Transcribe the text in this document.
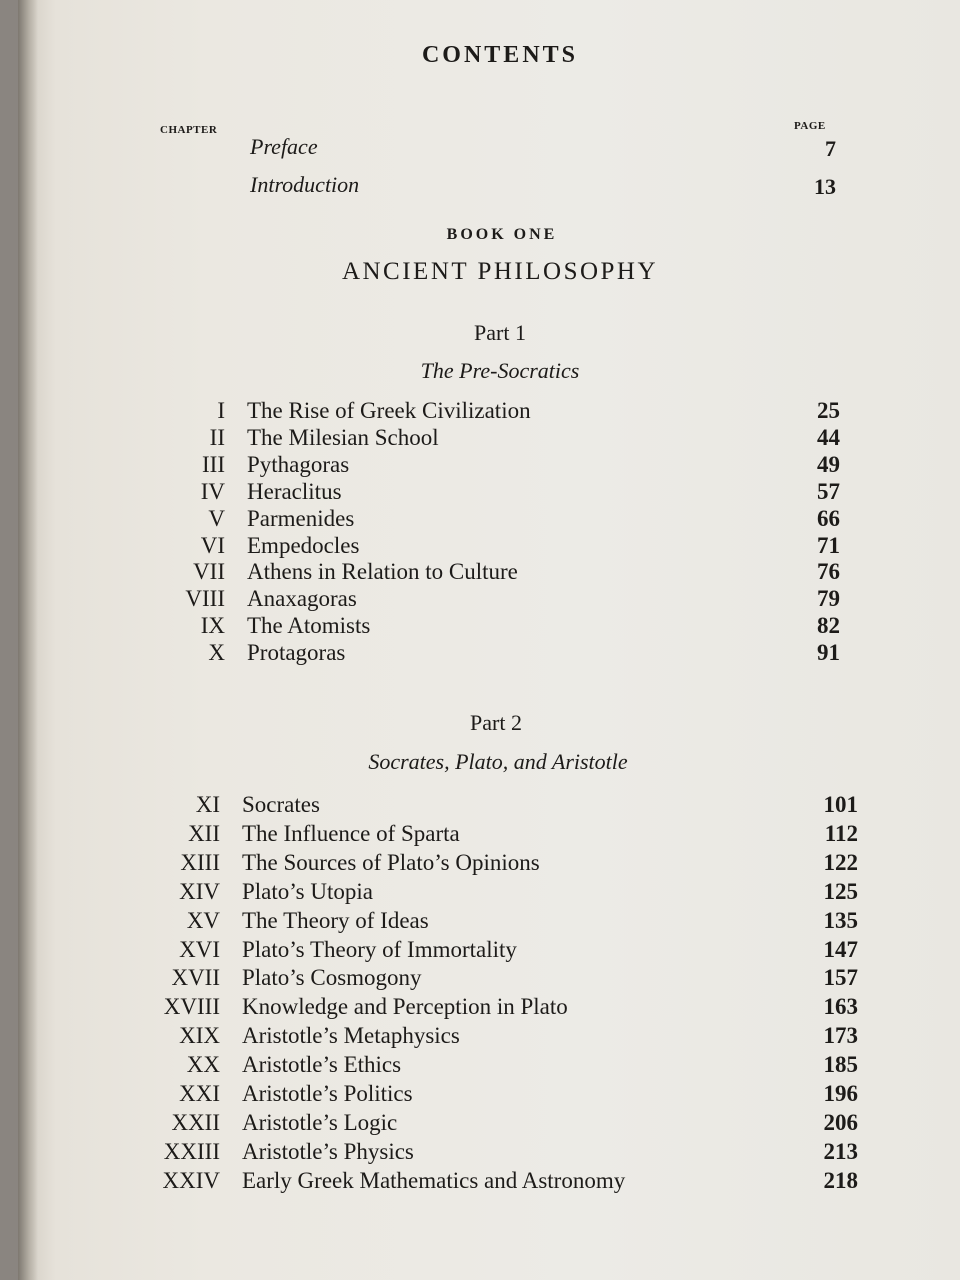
CONTENTS
CHAPTER	PAGE
Preface	7
Introduction	13
BOOK ONE
ANCIENT PHILOSOPHY
Part 1
The Pre-Socratics
I The Rise of Greek Civilization	25
II The Milesian School	44
III Pythagoras	49
IV Heraclitus	57
V Parmenides	66
VI Empedocles	71
VII Athens in Relation to Culture	76
VIII Anaxagoras	79
IX The Atomists	82
X Protagoras	91
Part 2
Socrates, Plato, and Aristotle
XI Socrates	101
XII The Influence of Sparta	112
XIII The Sources of Plato’s Opinions	122
XIV Plato’s Utopia	125
XV The Theory of Ideas	135
XVI Plato’s Theory of Immortality	147
XVII Plato’s Cosmogony	157
XVIII Knowledge and Perception in Plato	163
XIX Aristotle’s Metaphysics	173
XX Aristotle’s Ethics	185
XXI Aristotle’s Politics	196
XXII Aristotle’s Logic	206
XXIII Aristotle’s Physics	213
XXIV Early Greek Mathematics and Astronomy	218
